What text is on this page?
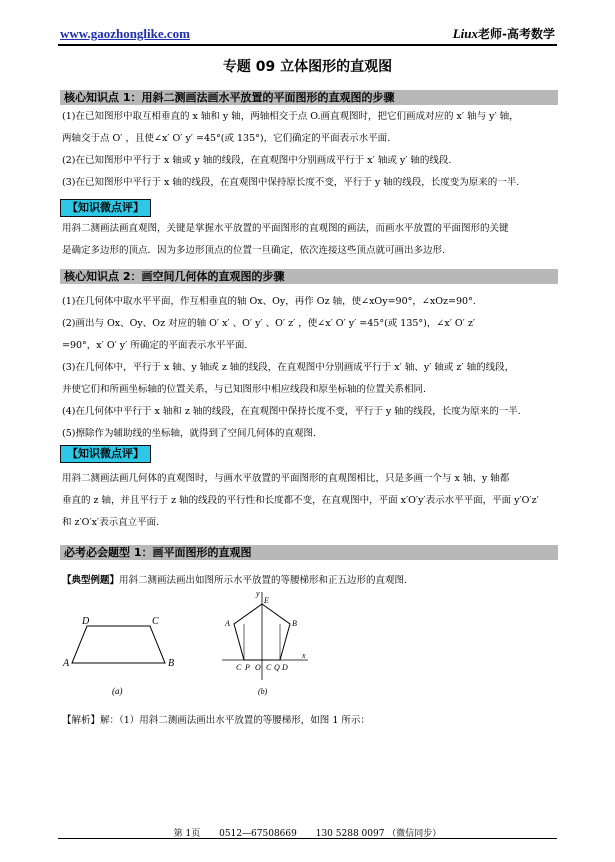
www.gaozhonglike.com	Liux老师-高考数学
专题 09 立体图形的直观图
核心知识点 1：用斜二测画法画水平放置的平面图形的直观图的步骤
(1)在已知图形中取互相垂直的 x 轴和 y 轴，两轴相交于点 O.画直观图时，把它们画成对应的 x′ 轴与 y′ 轴，
两轴交于点 O′ ，且使∠x′ O′ y′ =45°(或 135°)，它们确定的平面表示水平面.
(2)在已知图形中平行于 x 轴或 y 轴的线段，在直观图中分别画成平行于 x′ 轴或 y′ 轴的线段.
(3)在已知图形中平行于 x 轴的线段，在直观图中保持原长度不变，平行于 y 轴的线段，长度变为原来的一半.
【知识微点评】
用斜二测画法画直观图，关键是掌握水平放置的平面图形的直观图的画法，而画水平放置的平面图形的关键
是确定多边形的顶点．因为多边形顶点的位置一旦确定，依次连接这些顶点就可画出多边形.
核心知识点 2：画空间几何体的直观图的步骤
(1)在几何体中取水平平面，作互相垂直的轴 Ox、Oy，再作 Oz 轴，使∠xOy=90°，∠xOz=90°.
(2)画出与 Ox、Oy、Oz 对应的轴 O′ x′ 、O′ y′ 、O′ z′ ，使∠x′ O′ y′ =45°(或 135°)，∠x′ O′ z′
=90°，x′ O′ y′ 所确定的平面表示水平平面.
(3)在几何体中，平行于 x 轴、y 轴或 z 轴的线段，在直观图中分别画成平行于 x′ 轴、y′ 轴或 z′ 轴的线段，
并使它们和所画坐标轴的位置关系，与已知图形中相应线段和原坐标轴的位置关系相同.
(4)在几何体中平行于 x 轴和 z 轴的线段，在直观图中保持长度不变，平行于 y 轴的线段，长度为原来的一半.
(5)擦除作为辅助线的坐标轴，就得到了空间几何体的直观图.
【知识微点评】
用斜二测画法画几何体的直观图时，与画水平放置的平面图形的直观图相比，只是多画一个与 x 轴、y 轴都
垂直的 z 轴，并且平行于 z 轴的线段的平行性和长度都不变，在直观图中，平面 x′O′y′表示水平平面，平面 y′O′z′
和 z′O′x′表示直立平面.
必考必会题型 1：画平面图形的直观图
【典型例题】用斜二测画法画出如图所示水平放置的等腰梯形和正五边形的直观图.
D	C
A	B
(a)
y
E
A	B
C	D
x
P O C Q
(b)
【解析】解：（1）用斜二测画法画出水平放置的等腰梯形，如图 1 所示：
第 1页 0512—67508669 130 5288 0097 （微信同步）
